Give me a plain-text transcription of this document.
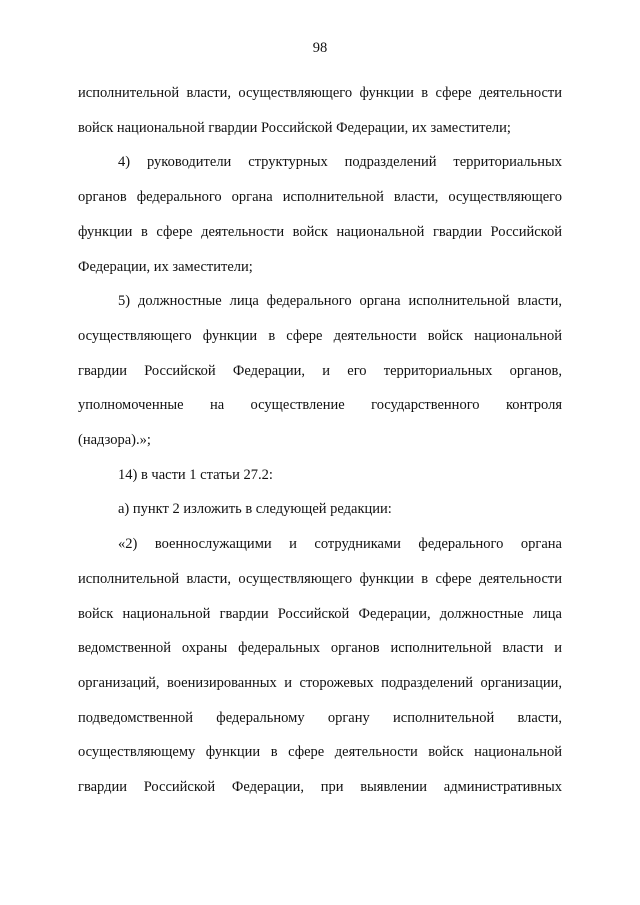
98

исполнительной власти, осуществляющего функции в сфере деятельности

войск национальной гвардии Российской Федерации, их заместители;

4) руководители структурных подразделений территориальных

органов федерального органа исполнительной власти, осуществляющего

функции в сфере деятельности войск национальной гвардии Российской

Федерации, их заместители;

5) должностные лица федерального органа исполнительной власти,

осуществляющего функции в сфере деятельности войск национальной

гвардии Российской Федерации, и его территориальных органов,

уполномоченные на осуществление государственного контроля

(надзора).»;

14) в части 1 статьи 27.2:

а) пункт 2 изложить в следующей редакции:

«2) военнослужащими и сотрудниками федерального органа

исполнительной власти, осуществляющего функции в сфере деятельности

войск национальной гвардии Российской Федерации, должностные лица

ведомственной охраны федеральных органов исполнительной власти и

организаций, военизированных и сторожевых подразделений организации,

подведомственной федеральному органу исполнительной власти,

осуществляющему функции в сфере деятельности войск национальной

гвардии Российской Федерации, при выявлении административных
